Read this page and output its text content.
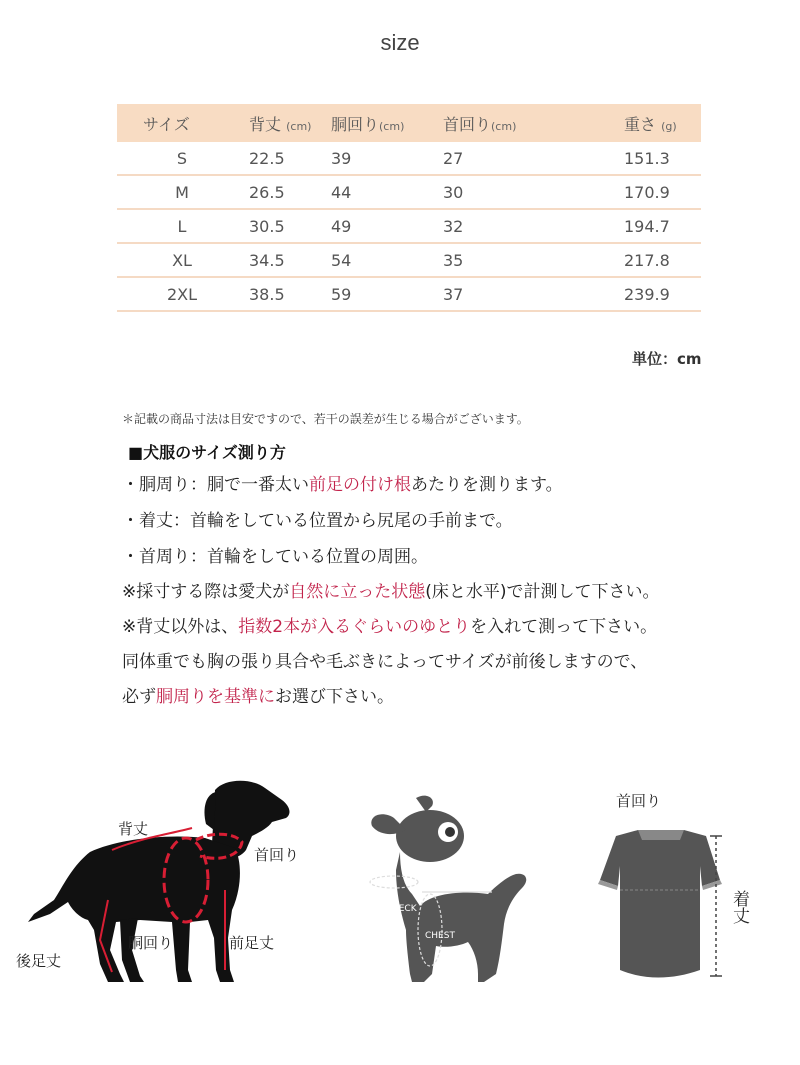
size
サイズ	背丈 (cm)	胴回り(cm)	首回り(cm)	重さ (g)
S	22.5	39	27	151.3
M	26.5	44	30	170.9
L	30.5	49	32	194.7
XL	34.5	54	35	217.8
2XL	38.5	59	37	239.9
単位：cm
＊記載の商品寸法は目安ですので、若干の誤差が生じる場合がございます。
■犬服のサイズ測り方
・胴周り：胴で一番太い前足の付け根あたりを測ります。
・着丈：首輪をしている位置から尻尾の手前まで。
・首周り：首輪をしている位置の周囲。
※採寸する際は愛犬が自然に立った状態(床と水平)で計測して下さい。
※背丈以外は、指数2本が入るぐらいのゆとりを入れて測って下さい。
同体重でも胸の張り具合や毛ぶきによってサイズが前後しますので、
必ず胴周りを基準にお選び下さい。
背丈
首回り
胴回り	前足丈
後足丈
LENGTH
NECK
CHEST
首回り
着丈
